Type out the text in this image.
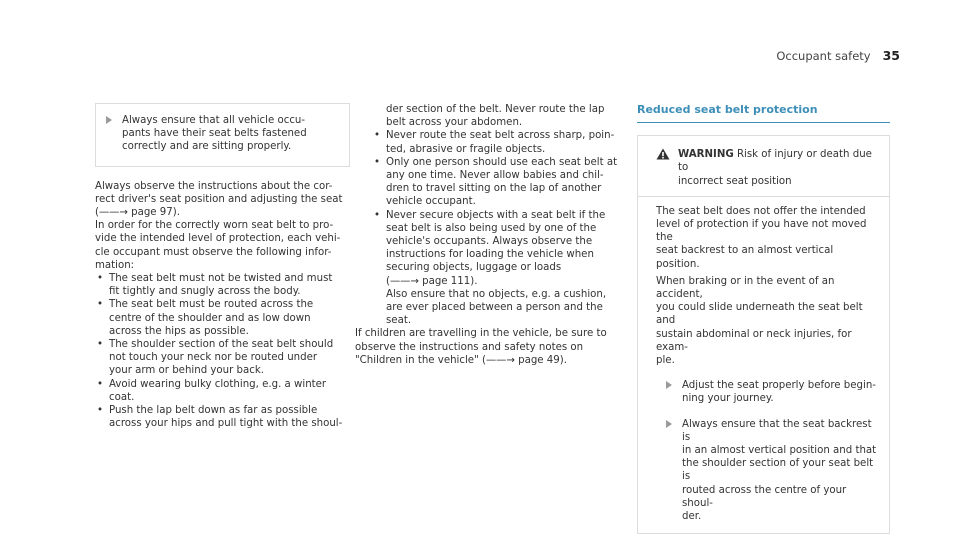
Occupant safety 35
Always ensure that all vehicle occu-
pants have their seat belts fastened
correctly and are sitting properly.

Always observe the instructions about the cor-
rect driver's seat position and adjusting the seat
(——→ page 97).

In order for the correctly worn seat belt to pro-
vide the intended level of protection, each vehi-
cle occupant must observe the following infor-
mation:

• The seat belt must not be twisted and must
fit tightly and snugly across the body.
• The seat belt must be routed across the
centre of the shoulder and as low down
across the hips as possible.
• The shoulder section of the seat belt should
not touch your neck nor be routed under
your arm or behind your back.
• Avoid wearing bulky clothing, e.g. a winter
coat.
• Push the lap belt down as far as possible
across your hips and pull tight with the shoul-

der section of the belt. Never route the lap
belt across your abdomen.

• Never route the seat belt across sharp, poin-
ted, abrasive or fragile objects.
• Only one person should use each seat belt at
any one time. Never allow babies and chil-
dren to travel sitting on the lap of another
vehicle occupant.
• Never secure objects with a seat belt if the
seat belt is also being used by one of the
vehicle's occupants. Always observe the
instructions for loading the vehicle when
securing objects, luggage or loads
(——→ page 111).
Also ensure that no objects, e.g. a cushion,
are ever placed between a person and the
seat.

If children are travelling in the vehicle, be sure to
observe the instructions and safety notes on
"Children in the vehicle" (——→ page 49).

Reduced seat belt protection
WARNING Risk of injury or death due to
incorrect seat position

The seat belt does not offer the intended
level of protection if you have not moved the
seat backrest to an almost vertical position.

When braking or in the event of an accident,
you could slide underneath the seat belt and
sustain abdominal or neck injuries, for exam-
ple.

Adjust the seat properly before begin-
ning your journey.
Always ensure that the seat backrest is
in an almost vertical position and that
the shoulder section of your seat belt is
routed across the centre of your shoul-
der.
